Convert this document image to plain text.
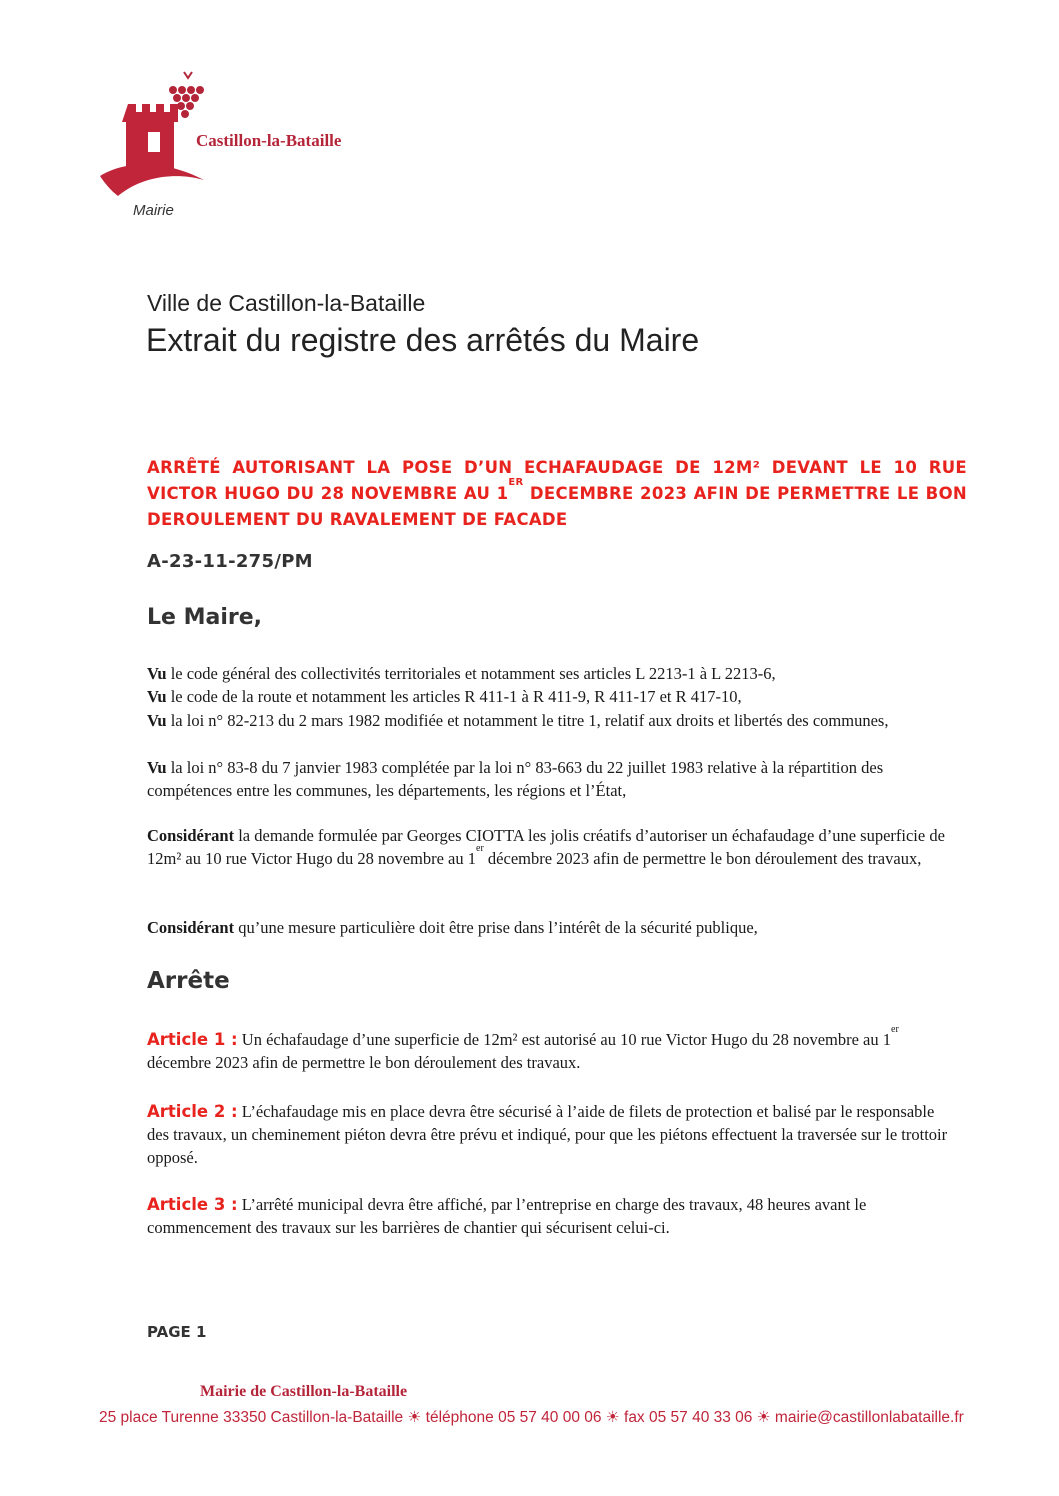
Castillon-la-Bataille
Mairie
Ville de Castillon-la-Bataille
Extrait du registre des arrêtés du Maire
ARRÊTÉ AUTORISANT LA POSE D’UN ECHAFAUDAGE DE 12M² DEVANT LE 10 RUE VICTOR HUGO DU 28 NOVEMBRE AU 1ER DECEMBRE 2023 AFIN DE PERMETTRE LE BON DEROULEMENT DU RAVALEMENT DE FACADE
A-23-11-275/PM
Le Maire,
Vu le code général des collectivités territoriales et notamment ses articles L 2213-1 à L 2213-6,
Vu le code de la route et notamment les articles R 411-1 à R 411-9, R 411-17 et R 417-10,
Vu la loi n° 82-213 du 2 mars 1982 modifiée et notamment le titre 1, relatif aux droits et libertés des communes,
Vu la loi n° 83-8 du 7 janvier 1983 complétée par la loi n° 83-663 du 22 juillet 1983 relative à la répartition des compétences entre les communes, les départements, les régions et l’État,
Considérant la demande formulée par Georges CIOTTA les jolis créatifs d’autoriser un échafaudage d’une superficie de 12m² au 10 rue Victor Hugo du 28 novembre au 1er décembre 2023 afin de permettre le bon déroulement des travaux,
Considérant qu’une mesure particulière doit être prise dans l’intérêt de la sécurité publique,
Arrête
Article 1 : Un échafaudage d’une superficie de 12m² est autorisé au 10 rue Victor Hugo du 28 novembre au 1er décembre 2023 afin de permettre le bon déroulement des travaux.
Article 2 : L’échafaudage mis en place devra être sécurisé à l’aide de filets de protection et balisé par le responsable des travaux, un cheminement piéton devra être prévu et indiqué, pour que les piétons effectuent la traversée sur le trottoir opposé.
Article 3 : L’arrêté municipal devra être affiché, par l’entreprise en charge des travaux, 48 heures avant le commencement des travaux sur les barrières de chantier qui sécurisent celui-ci.
PAGE 1
Mairie de Castillon-la-Bataille
25 place Turenne 33350 Castillon-la-Bataille ☀ téléphone 05 57 40 00 06 ☀ fax 05 57 40 33 06 ☀ mairie@castillonlabataille.fr
